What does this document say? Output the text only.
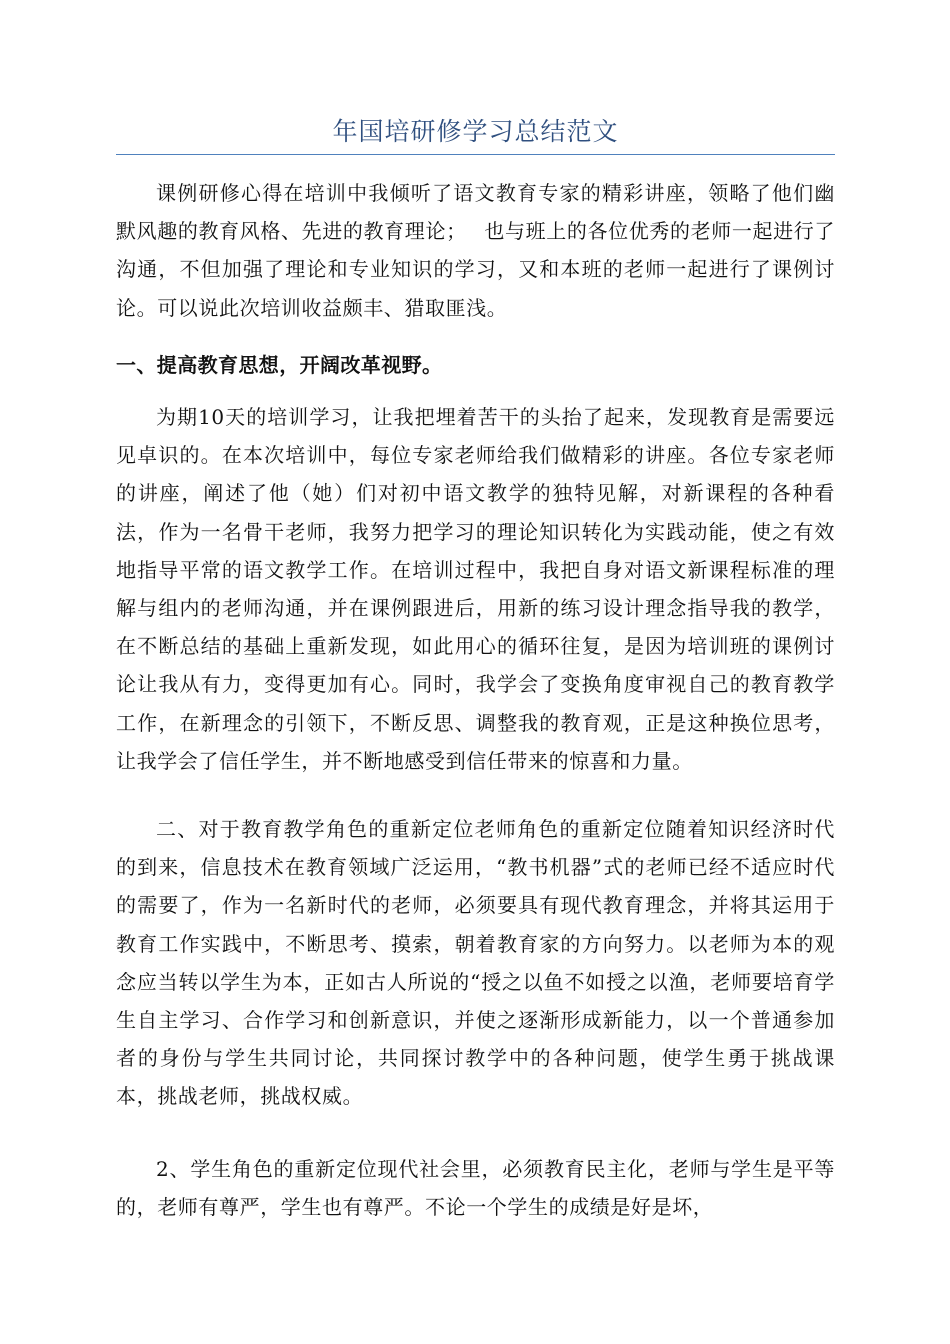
年国培研修学习总结范文

课例研修心得在培训中我倾听了语文教育专家的精彩讲座，领略了他们幽默风趣的教育风格、先进的教育理论；　 也与班上的各位优秀的老师一起进行了沟通，不但加强了理论和专业知识的学习，又和本班的老师一起进行了课例讨论。可以说此次培训收益颇丰、猎取匪浅。

一、提高教育思想，开阔改革视野。

为期10天的培训学习，让我把埋着苦干的头抬了起来，发现教育是需要远见卓识的。在本次培训中，每位专家老师给我们做精彩的讲座。各位专家老师的讲座，阐述了他（她）们对初中语文教学的独特见解，对新课程的各种看法，作为一名骨干老师，我努力把学习的理论知识转化为实践动能，使之有效地指导平常的语文教学工作。在培训过程中，我把自身对语文新课程标准的理解与组内的老师沟通，并在课例跟进后，用新的练习设计理念指导我的教学，在不断总结的基础上重新发现，如此用心的循环往复，是因为培训班的课例讨论让我从有力，变得更加有心。同时，我学会了变换角度审视自己的教育教学工作，在新理念的引领下，不断反思、调整我的教育观，正是这种换位思考，让我学会了信任学生，并不断地感受到信任带来的惊喜和力量。

二、对于教育教学角色的重新定位老师角色的重新定位随着知识经济时代的到来，信息技术在教育领域广泛运用，“教书机器”式的老师已经不适应时代的需要了，作为一名新时代的老师，必须要具有现代教育理念，并将其运用于教育工作实践中，不断思考、摸索，朝着教育家的方向努力。以老师为本的观念应当转以学生为本，正如古人所说的“授之以鱼不如授之以渔，老师要培育学生自主学习、合作学习和创新意识，并使之逐渐形成新能力，以一个普通参加者的身份与学生共同讨论，共同探讨教学中的各种问题，使学生勇于挑战课本，挑战老师，挑战权威。

2、学生角色的重新定位现代社会里，必须教育民主化，老师与学生是平等的，老师有尊严，学生也有尊严。不论一个学生的成绩是好是坏，
